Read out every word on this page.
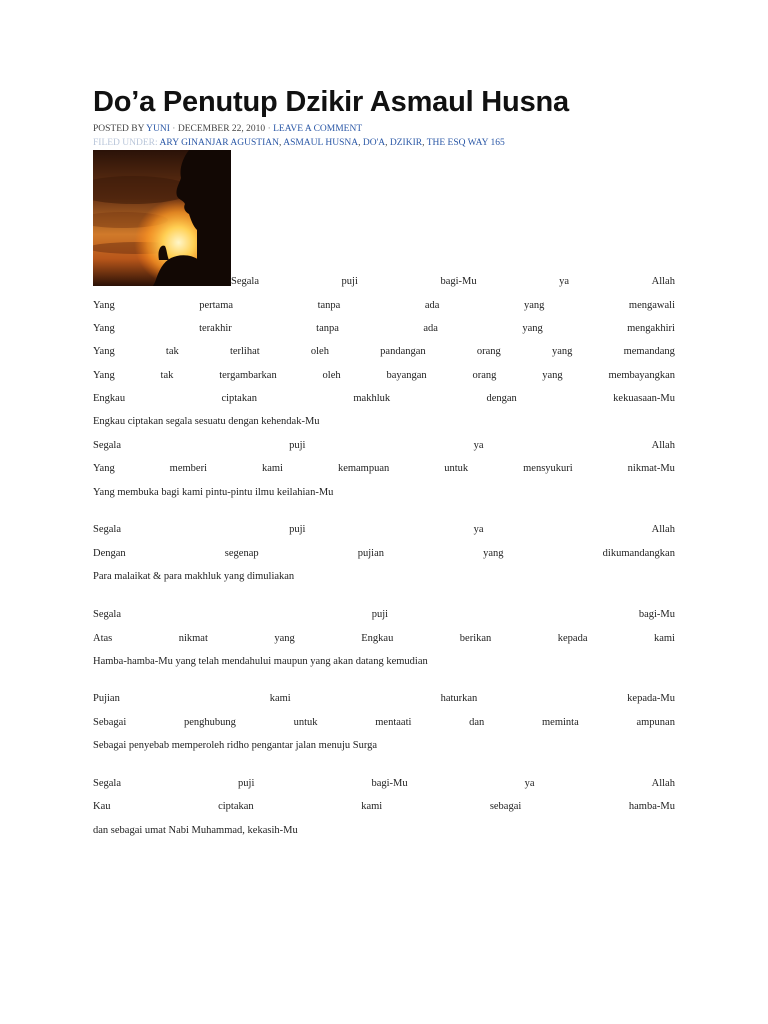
Do’a Penutup Dzikir Asmaul Husna
POSTED BY YUNI · DECEMBER 22, 2010 · LEAVE A COMMENT
FILED UNDER: ARY GINANJAR AGUSTIAN, ASMAUL HUSNA, DO'A, DZIKIR, THE ESQ WAY 165
Segala	puji	bagi-Mu	ya	Allah
Yang	pertama	tanpa	ada	yang	mengawali
Yang	terakhir	tanpa	ada	yang	mengakhiri
Yang	tak	terlihat	oleh	pandangan	orang	yang	memandang
Yang	tak	tergambarkan	oleh	bayangan	orang	yang	membayangkan
Engkau	ciptakan	makhluk	dengan	kekuasaan-Mu
Engkau ciptakan segala sesuatu dengan kehendak-Mu
Segala	puji	ya	Allah
Yang	memberi	kami	kemampuan	untuk	mensyukuri	nikmat-Mu
Yang membuka bagi kami pintu-pintu ilmu keilahian-Mu
Segala	puji	ya	Allah
Dengan	segenap	pujian	yang	dikumandangkan
Para malaikat & para makhluk yang dimuliakan
Segala	puji	bagi-Mu
Atas	nikmat	yang	Engkau	berikan	kepada	kami
Hamba-hamba-Mu yang telah mendahului maupun yang akan datang kemudian
Pujian	kami	haturkan	kepada-Mu
Sebagai	penghubung	untuk	mentaati	dan	meminta	ampunan
Sebagai penyebab memperoleh ridho pengantar jalan menuju Surga
Segala	puji	bagi-Mu	ya	Allah
Kau	ciptakan	kami	sebagai	hamba-Mu
dan sebagai umat Nabi Muhammad, kekasih-Mu
